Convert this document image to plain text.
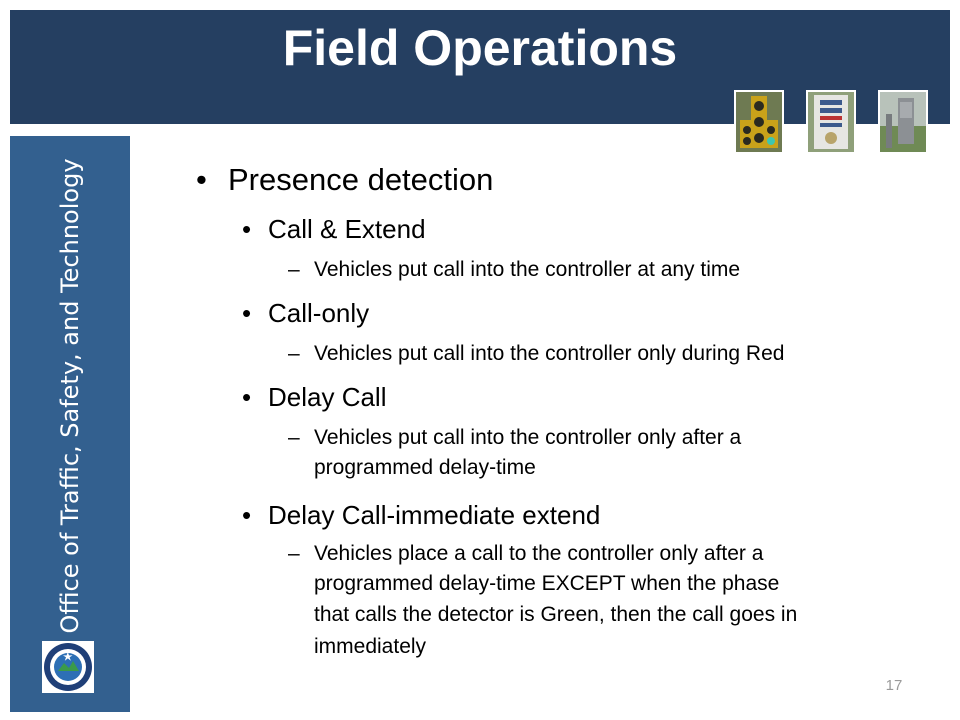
Field Operations
Office of Traffic, Safety, and Technology	• Presence detection
• Call & Extend
– Vehicles put call into the controller at any time
• Call-only
– Vehicles put call into the controller only during Red
• Delay Call
– Vehicles put call into the controller only after a
programmed delay-time
• Delay Call-immediate extend
– Vehicles place a call to the controller only after a
programmed delay-time EXCEPT when the phase
that calls the detector is Green, then the call goes in
immediately
17
